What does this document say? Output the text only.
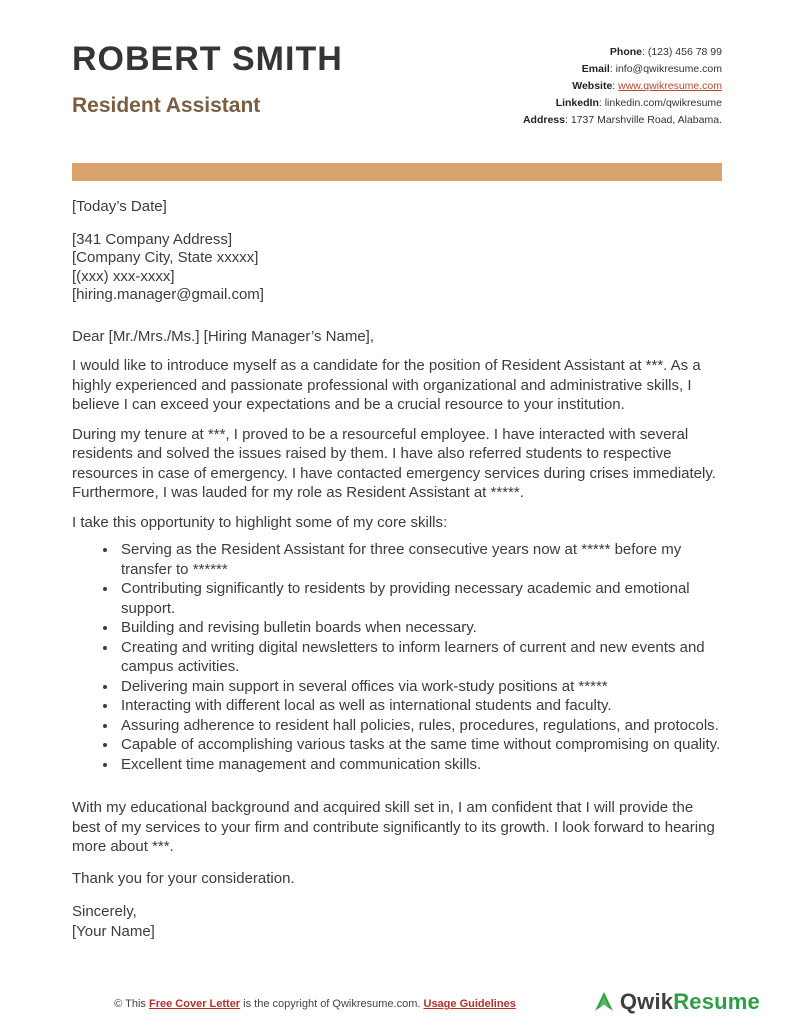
ROBERT SMITH
Resident Assistant
Phone: (123) 456 78 99
Email: info@qwikresume.com
Website: www.qwikresume.com
LinkedIn: linkedin.com/qwikresume
Address: 1737 Marshville Road, Alabama.

[Today’s Date]

[341 Company Address]
[Company City, State xxxxx]
[(xxx) xxx-xxxx]
[hiring.manager@gmail.com]

Dear [Mr./Mrs./Ms.] [Hiring Manager’s Name],

I would like to introduce myself as a candidate for the position of Resident Assistant at ***. As a highly experienced and passionate professional with organizational and administrative skills, I believe I can exceed your expectations and be a crucial resource to your institution.

During my tenure at ***, I proved to be a resourceful employee. I have interacted with several residents and solved the issues raised by them. I have also referred students to respective resources in case of emergency. I have contacted emergency services during crises immediately. Furthermore, I was lauded for my role as Resident Assistant at *****.

I take this opportunity to highlight some of my core skills:

• Serving as the Resident Assistant for three consecutive years now at ***** before my transfer to ******
• Contributing significantly to residents by providing necessary academic and emotional support.
• Building and revising bulletin boards when necessary.
• Creating and writing digital newsletters to inform learners of current and new events and campus activities.
• Delivering main support in several offices via work-study positions at *****
• Interacting with different local as well as international students and faculty.
• Assuring adherence to resident hall policies, rules, procedures, regulations, and protocols.
• Capable of accomplishing various tasks at the same time without compromising on quality.
• Excellent time management and communication skills.

With my educational background and acquired skill set in, I am confident that I will provide the best of my services to your firm and contribute significantly to its growth. I look forward to hearing more about ***.

Thank you for your consideration.

Sincerely,
[Your Name]
© This Free Cover Letter is the copyright of Qwikresume.com. Usage Guidelines	QwikResume
